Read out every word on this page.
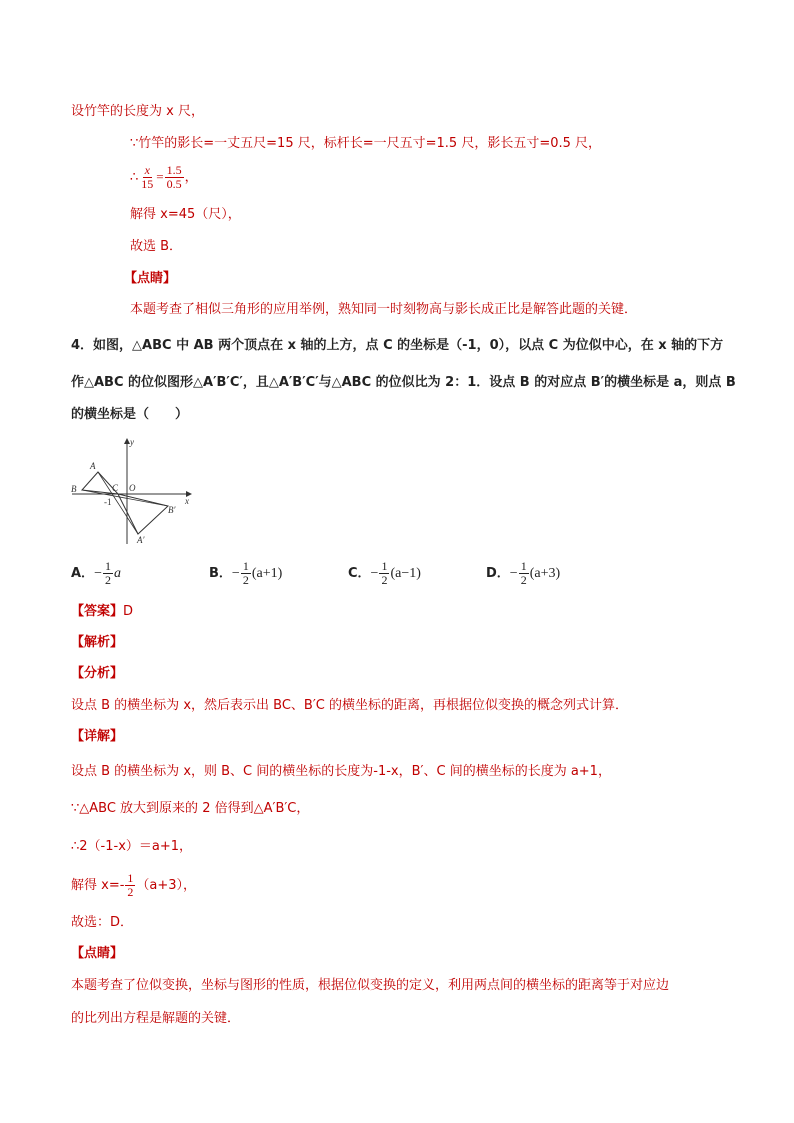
设竹竿的长度为 x 尺，
∵竹竿的影长=一丈五尺=15 尺，标杆长=一尺五寸=1.5 尺，影长五寸=0.5 尺，
∴ $\frac{x}{15} = \frac{1.5}{0.5}$ ，
解得 x=45（尺），
故选 B．
【点睛】
本题考查了相似三角形的应用举例，熟知同一时刻物高与影长成正比是解答此题的关键．
4．如图，△ABC 中 AB 两个顶点在 x 轴的上方，点 C 的坐标是（-1，0），以点 C 为位似中心，在 x 轴的下方
作△ABC 的位似图形△A′B′C′，且△A′B′C′与△ABC 的位似比为 2：1．设点 B 的对应点 B′的横坐标是 a，则点 B
的横坐标是（　　）
y
x
A
B	C O
-1
B′
A′
A．− $\frac{1}{2}$ a	B．− $\frac{1}{2} (a+1)$	C．− $\frac{1}{2} (a-1)$	D．− $\frac{1}{2} (a+3)$
【答案】D
【解析】
【分析】
设点 B 的横坐标为 x，然后表示出 BC、B′C 的横坐标的距离，再根据位似变换的概念列式计算．
【详解】
设点 B 的横坐标为 x，则 B、C 间的横坐标的长度为-1-x，B′、C 间的横坐标的长度为 a+1，
∵△ABC 放大到原来的 2 倍得到△A′B′C，
∴2（-1-x）＝a+1，
解得 $x=- \frac{1}{2} (a+3)$，
故选：D．
【点睛】
本题考查了位似变换，坐标与图形的性质，根据位似变换的定义，利用两点间的横坐标的距离等于对应边
的比列出方程是解题的关键．
